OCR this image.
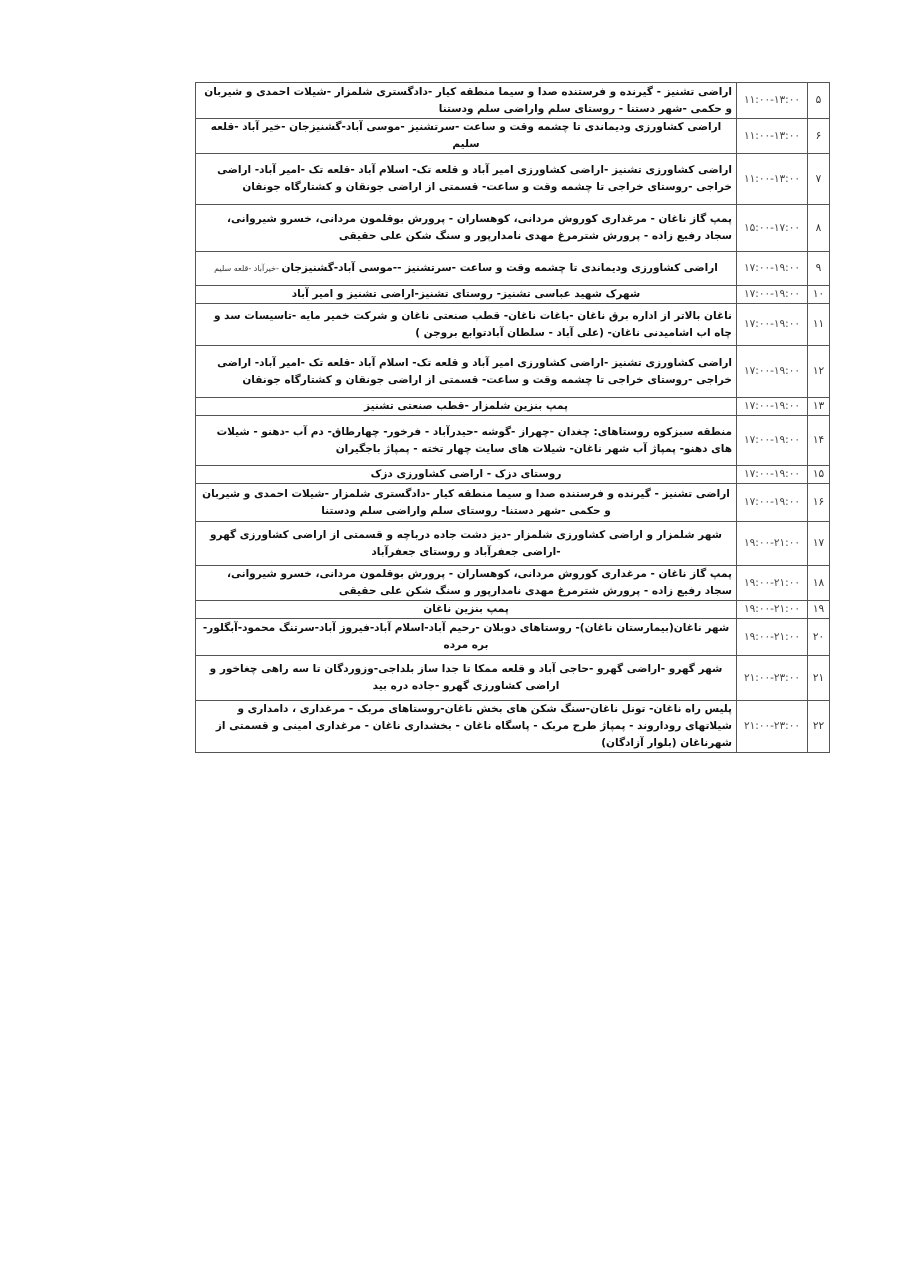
۵	۱۱:۰۰-۱۳:۰۰	اراضی تشنیز - گیرنده و فرستنده صدا و سیما منطقه کیار -دادگستری شلمزار -شیلات احمدی و شیربان و حکمی -شهر دستنا - روستای سلم واراضی سلم ودستنا
۶	۱۱:۰۰-۱۳:۰۰	اراضی کشاورزی ودیماندی تا چشمه وقت و ساعت -سرتشنیز -موسی آباد-گشنیزجان -خیر آباد -قلعه سلیم
۷	۱۱:۰۰-۱۳:۰۰	اراضی کشاورزی تشنیز -اراضی کشاورزی امیر آباد و قلعه تک- اسلام آباد -قلعه تک -امیر آباد- اراضی خراجی -روستای خراجی تا چشمه وقت و ساعت- قسمتی از اراضی جونقان و کشتارگاه جونقان
۸	۱۵:۰۰-۱۷:۰۰	پمپ گاز ناغان - مرغداری کوروش مردانی، کوهساران - پرورش بوقلمون مردانی، خسرو شیروانی، سجاد رفیع زاده - پرورش شترمرغ مهدی نامدارپور و سنگ شکن علی حقیقی
۹	۱۷:۰۰-۱۹:۰۰	اراضی کشاورزی ودیماندی تا چشمه وقت و ساعت -سرتشنیز --موسی آباد-گشنیزجان -خیرآباد -قلعه سلیم
۱۰	۱۷:۰۰-۱۹:۰۰	شهرک شهید عباسی تشنیز- روستای تشنیز-اراضی تشنیز و امیر آباد
۱۱	۱۷:۰۰-۱۹:۰۰	ناغان بالاتر از اداره برق ناغان -باغات ناغان- قطب صنعتی ناغان و شرکت خمیر مایه -تاسیسات سد و چاه اب اشامیدنی ناغان- (علی آباد - سلطان آبادتوابع بروجن )
۱۲	۱۷:۰۰-۱۹:۰۰	اراضی کشاورزی تشنیز -اراضی کشاورزی امیر آباد و قلعه تک- اسلام آباد -قلعه تک -امیر آباد- اراضی خراجی -روستای خراجی تا چشمه وقت و ساعت- قسمتی از اراضی جونقان و کشتارگاه جونقان
۱۳	۱۷:۰۰-۱۹:۰۰	پمپ بنزین شلمزار -قطب صنعتی تشنیز
۱۴	۱۷:۰۰-۱۹:۰۰	منطقه سبزکوه روستاهای: چغدان -چهراز -گوشه -حیدرآباد - فرخور- چهارطاق- دم آب -دهنو - شیلات های دهنو- پمپاژ آب شهر ناغان- شیلات های سایت چهار تخته - پمپاژ باجگیران
۱۵	۱۷:۰۰-۱۹:۰۰	روستای دزک - اراضی کشاورزی دزک
۱۶	۱۷:۰۰-۱۹:۰۰	اراضی تشنیز - گیرنده و فرستنده صدا و سیما منطقه کیار -دادگستری شلمزار -شیلات احمدی و شیربان و حکمی -شهر دستنا- روستای سلم واراضی سلم ودستنا
۱۷	۱۹:۰۰-۲۱:۰۰	شهر شلمزار و اراضی کشاورزی شلمزار -دیز دشت جاده درباچه و قسمتی از اراضی کشاورزی گهرو -اراضی جعفرآباد و روستای جعفرآباد
۱۸	۱۹:۰۰-۲۱:۰۰	پمپ گاز ناغان - مرغداری کوروش مردانی، کوهساران - پرورش بوقلمون مردانی، خسرو شیروانی، سجاد رفیع زاده - پرورش شترمرغ مهدی نامدارپور و سنگ شکن علی حقیقی
۱۹	۱۹:۰۰-۲۱:۰۰	پمپ بنزین ناغان
۲۰	۱۹:۰۰-۲۱:۰۰	شهر ناغان(بیمارستان ناغان)- روستاهای دوبلان -رحیم آباد-اسلام آباد-فیروز آباد-سرتنگ محمود-آبگلور- بره مرده
۲۱	۲۱:۰۰-۲۳:۰۰	شهر گهرو -اراضی گهرو -حاجی آباد و قلعه ممکا تا جدا ساز بلداجی-وزوردگان تا سه راهی چغاخور و اراضی کشاورزی گهرو -جاده دره بید
۲۲	۲۱:۰۰-۲۳:۰۰	پلیس راه ناغان- تونل ناغان-سنگ شکن های بخش ناغان-روستاهای مربک - مرغداری ، دامداری و شیلاتهای روداروند - پمپاژ طرح مربک - پاسگاه ناغان - بخشداری ناغان - مرغداری امینی و قسمتی از شهرناغان (بلوار آزادگان)
